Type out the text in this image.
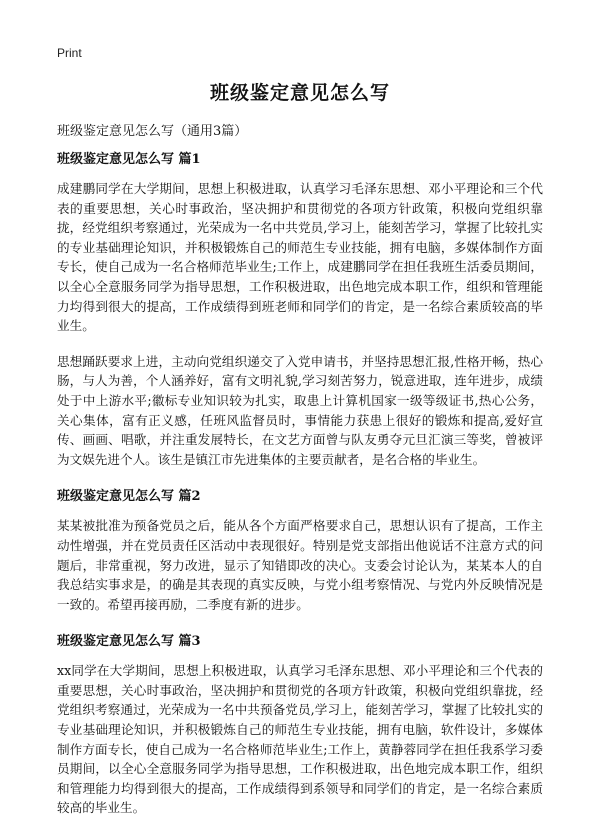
Print
班级鉴定意见怎么写
班级鉴定意见怎么写（通用3篇）
班级鉴定意见怎么写 篇1

成建鹏同学在大学期间，思想上积极进取，认真学习毛泽东思想、邓小平理论和三个代表的重要思想，关心时事政治，坚决拥护和贯彻党的各项方针政策，积极向党组织靠拢，经党组织考察通过，光荣成为一名中共党员,学习上，能刻苦学习，掌握了比较扎实的专业基础理论知识，并积极锻炼自己的师范生专业技能，拥有电脑，多媒体制作方面专长，使自己成为一名合格师范毕业生;工作上，成建鹏同学在担任我班生活委员期间，以全心全意服务同学为指导思想，工作积极进取，出色地完成本职工作，组织和管理能力均得到很大的提高，工作成绩得到班老师和同学们的肯定，是一名综合素质较高的毕业生。

思想踊跃要求上进，主动向党组织递交了入党申请书，并坚持思想汇报,性格开畅，热心肠，与人为善，个人涵养好，富有文明礼貌,学习刻苦努力，锐意进取，连年进步，成绩处于中上游水平;徽标专业知识较为扎实，取患上计算机国家一级等级证书,热心公务，关心集体，富有正义感，任班风监督员时，事情能力获患上很好的锻炼和提高,爱好宣传、画画、唱歌，并注重发展特长，在文艺方面曾与队友勇夺元旦汇演三等奖，曾被评为文娱先进个人。该生是镇江市先进集体的主要贡献者，是名合格的毕业生。

班级鉴定意见怎么写 篇2

某某被批准为预备党员之后，能从各个方面严格要求自己，思想认识有了提高，工作主动性增强，并在党员责任区活动中表现很好。特别是党支部指出他说话不注意方式的问题后，非常重视，努力改进，显示了知错即改的决心。支委会讨论认为，某某本人的自我总结实事求是，的确是其表现的真实反映，与党小组考察情况、与党内外反映情况是一致的。希望再接再励，二季度有新的进步。

班级鉴定意见怎么写 篇3

xx同学在大学期间，思想上积极进取，认真学习毛泽东思想、邓小平理论和三个代表的重要思想，关心时事政治，坚决拥护和贯彻党的各项方针政策，积极向党组织靠拢，经党组织考察通过，光荣成为一名中共预备党员,学习上，能刻苦学习，掌握了比较扎实的专业基础理论知识，并积极锻炼自己的师范生专业技能，拥有电脑，软件设计，多媒体制作方面专长，使自己成为一名合格师范毕业生;工作上，黄静蓉同学在担任我系学习委员期间，以全心全意服务同学为指导思想，工作积极进取，出色地完成本职工作，组织和管理能力均得到很大的提高，工作成绩得到系领导和同学们的肯定，是一名综合素质较高的毕业生。
